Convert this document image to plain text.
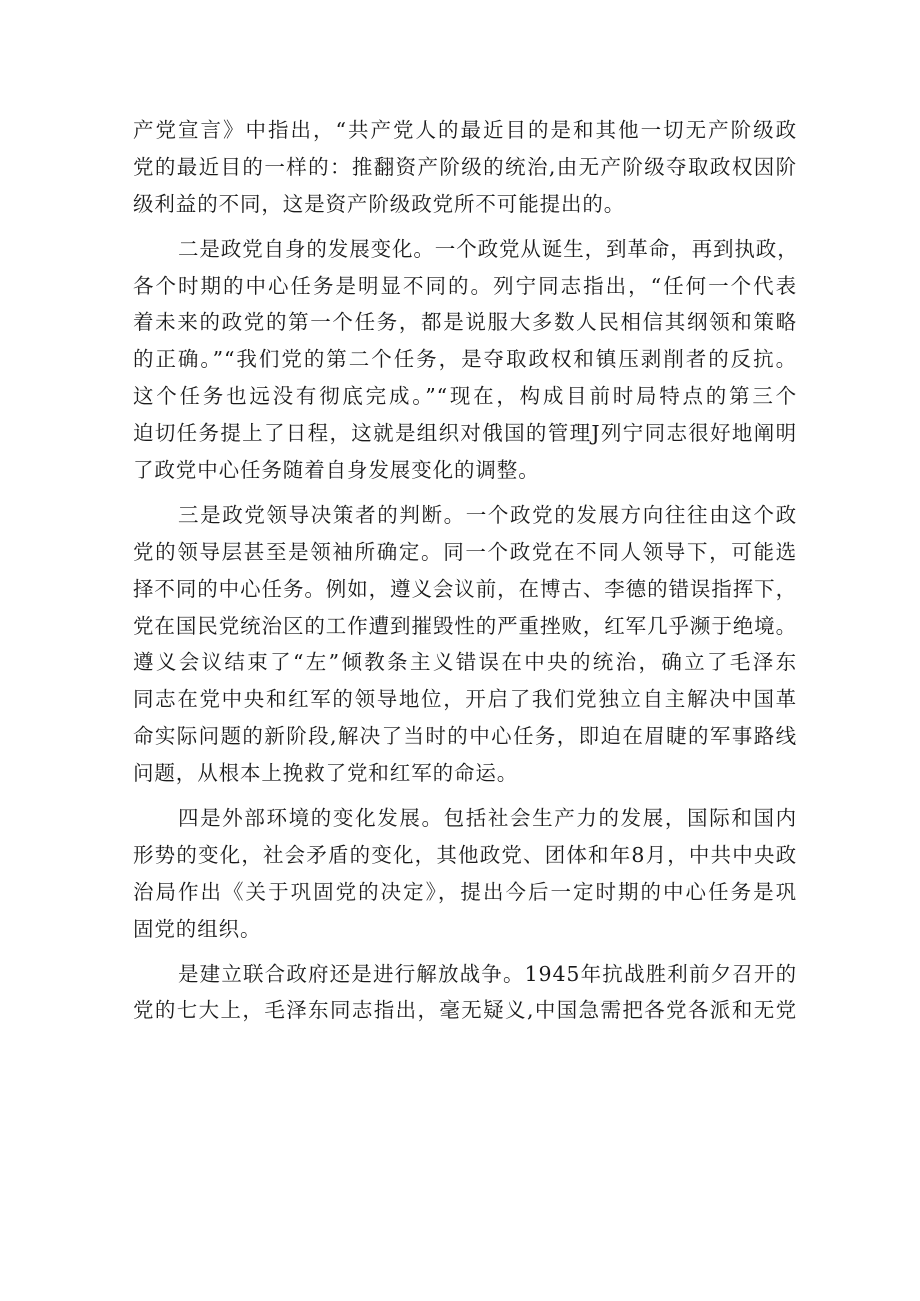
产党宣言》中指出，“共产党人的最近目的是和其他一切无产阶级政
党的最近目的一样的：推翻资产阶级的统治,由无产阶级夺取政权因阶
级利益的不同，这是资产阶级政党所不可能提出的。
二是政党自身的发展变化。一个政党从诞生，到革命，再到执政，
各个时期的中心任务是明显不同的。列宁同志指出，“任何一个代表
着未来的政党的第一个任务，都是说服大多数人民相信其纲领和策略
的正确。”“我们党的第二个任务，是夺取政权和镇压剥削者的反抗。
这个任务也远没有彻底完成。”“现在，构成目前时局特点的第三个
迫切任务提上了日程，这就是组织对俄国的管理J列宁同志很好地阐明
了政党中心任务随着自身发展变化的调整。
三是政党领导决策者的判断。一个政党的发展方向往往由这个政
党的领导层甚至是领袖所确定。同一个政党在不同人领导下，可能选
择不同的中心任务。例如，遵义会议前，在博古、李德的错误指挥下，
党在国民党统治区的工作遭到摧毁性的严重挫败，红军几乎濒于绝境。
遵义会议结束了“左”倾教条主义错误在中央的统治，确立了毛泽东
同志在党中央和红军的领导地位，开启了我们党独立自主解决中国革
命实际问题的新阶段,解决了当时的中心任务，即迫在眉睫的军事路线
问题，从根本上挽救了党和红军的命运。
四是外部环境的变化发展。包括社会生产力的发展，国际和国内
形势的变化，社会矛盾的变化，其他政党、团体和年8月，中共中央政
治局作出《关于巩固党的决定》，提出今后一定时期的中心任务是巩
固党的组织。
是建立联合政府还是进行解放战争。1945年抗战胜利前夕召开的
党的七大上，毛泽东同志指出，毫无疑义,中国急需把各党各派和无党
